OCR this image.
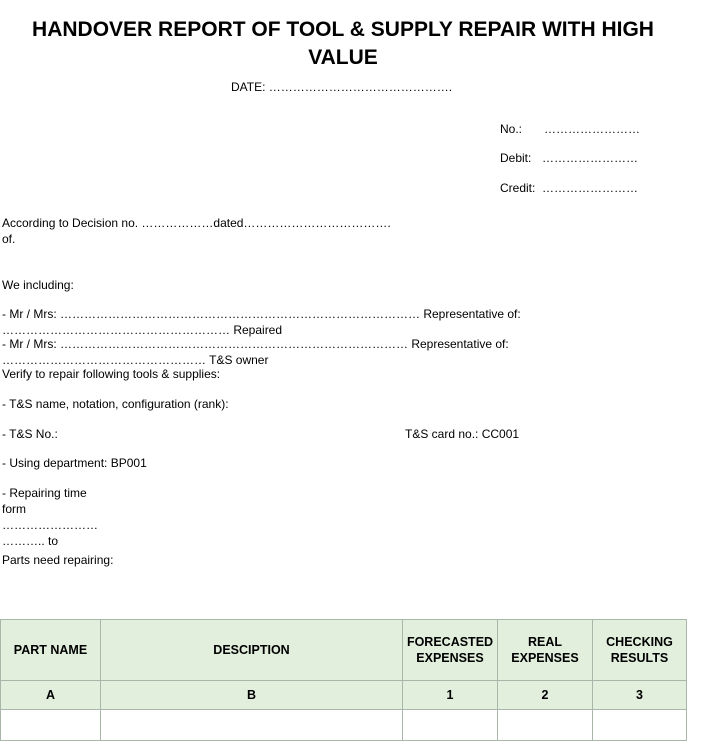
HANDOVER REPORT OF TOOL & SUPPLY REPAIR WITH HIGH VALUE
DATE: ……………………………………….
No.: ……………………
Debit: ……………………
Credit: ……………………
According to Decision no. ………………dated……………………………….
of.
We including:
- Mr / Mrs: ……………………………………………………………………………… Representative of:
………………………………………………… Repaired
- Mr / Mrs: …………………………………………………………………………… Representative of:
…………………………………………… T&S owner
Verify to repair following tools & supplies:
- T&S name, notation, configuration (rank):
- T&S No.:	T&S card no.: CC001
- Using department: BP001
- Repairing time
form
……………………
……….. to
Parts need repairing:
PART NAME	DESCIPTION	FORECASTED EXPENSES	REAL EXPENSES	CHECKING RESULTS
A	B	1	2	3
